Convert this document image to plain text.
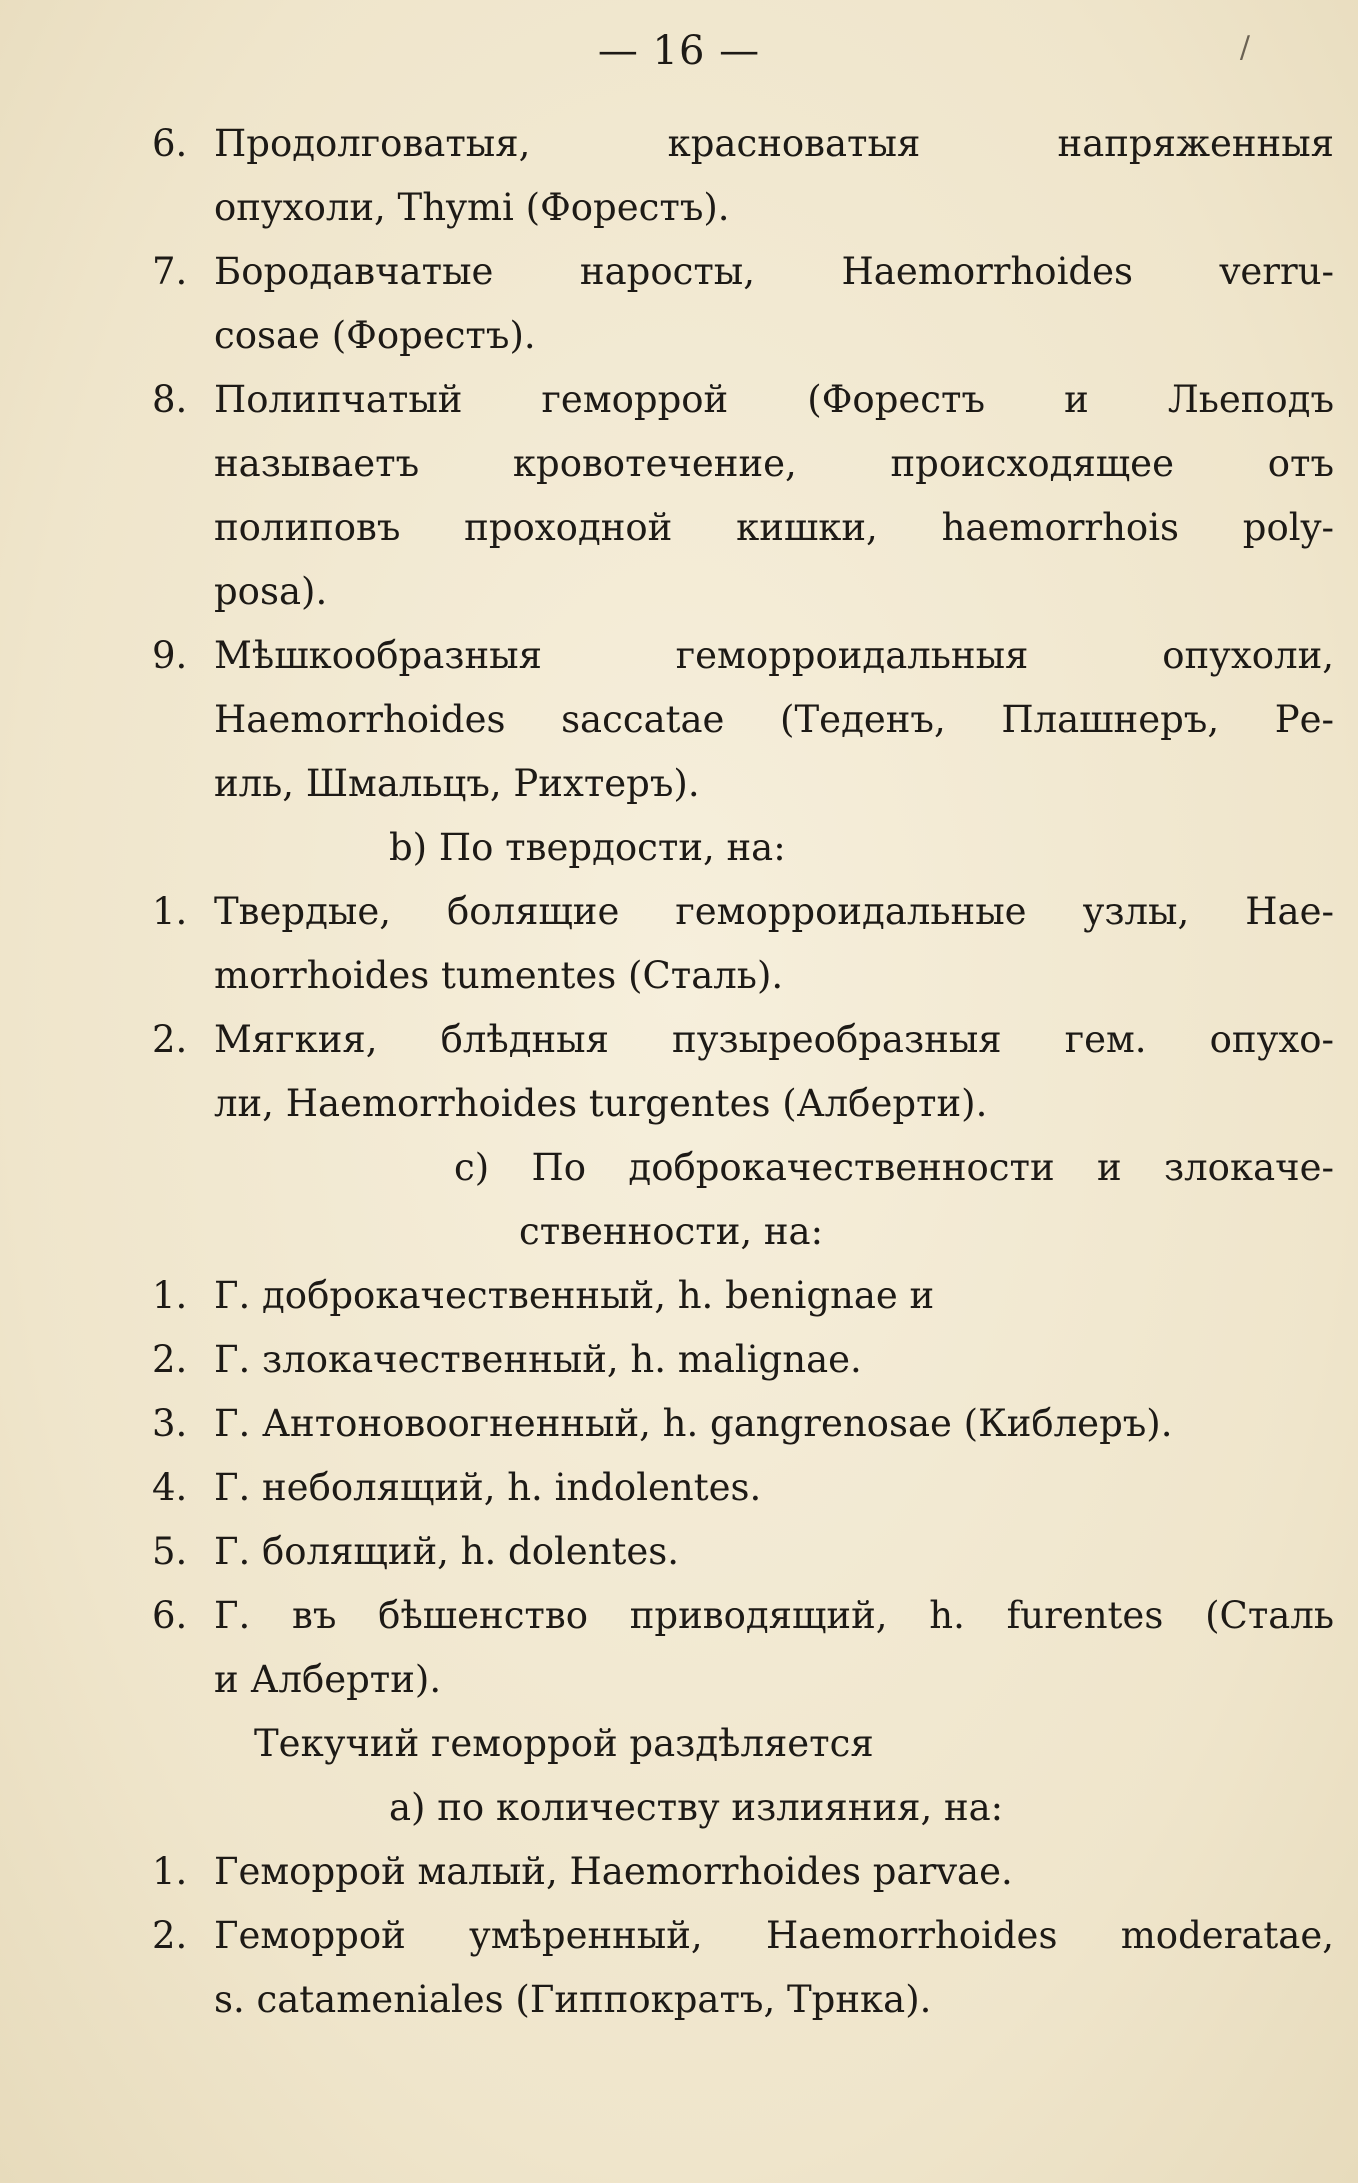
— 16 —	/
6. Продолговатыя, красноватыя напряженныя
опухоли, Thymi (Форестъ).
7. Бородавчатые наросты, Haemorrhoides verru-
cosae (Форестъ).
8. Полипчатый геморрой (Форестъ и Льеподъ
называетъ кровотечение, происходящее отъ
полиповъ проходной кишки, haemorrhois poly-
posa).
9. Мѣшкообразныя геморроидальныя опухоли,
Haemorrhoides saccatae (Теденъ, Плашнеръ, Ре-
иль, Шмальцъ, Рихтеръ).
b) По твердости, на:
1. Твердые, болящие геморроидальные узлы, Hae-
morrhoides tumentes (Сталь).
2. Мягкия, блѣдныя пузыреобразныя гем. опухо-
ли, Haemorrhoides turgentes (Алберти).
c) По доброкачественности и злокаче-
ственности, на:
1. Г. доброкачественный, h. benignae и
2. Г. злокачественный, h. malignae.
3. Г. Антоновоогненный, h. gangrenosae (Киблеръ).
4. Г. неболящий, h. indolentes.
5. Г. болящий, h. dolentes.
6. Г. въ бѣшенство приводящий, h. furentes (Сталь
и Алберти).
Текучий геморрой раздѣляется
a) по количеству излияния, на:
1. Геморрой малый, Haemorrhoides parvae.
2. Геморрой умѣренный, Haemorrhoides moderatae,
s. catameniales (Гиппократъ, Трнка).
